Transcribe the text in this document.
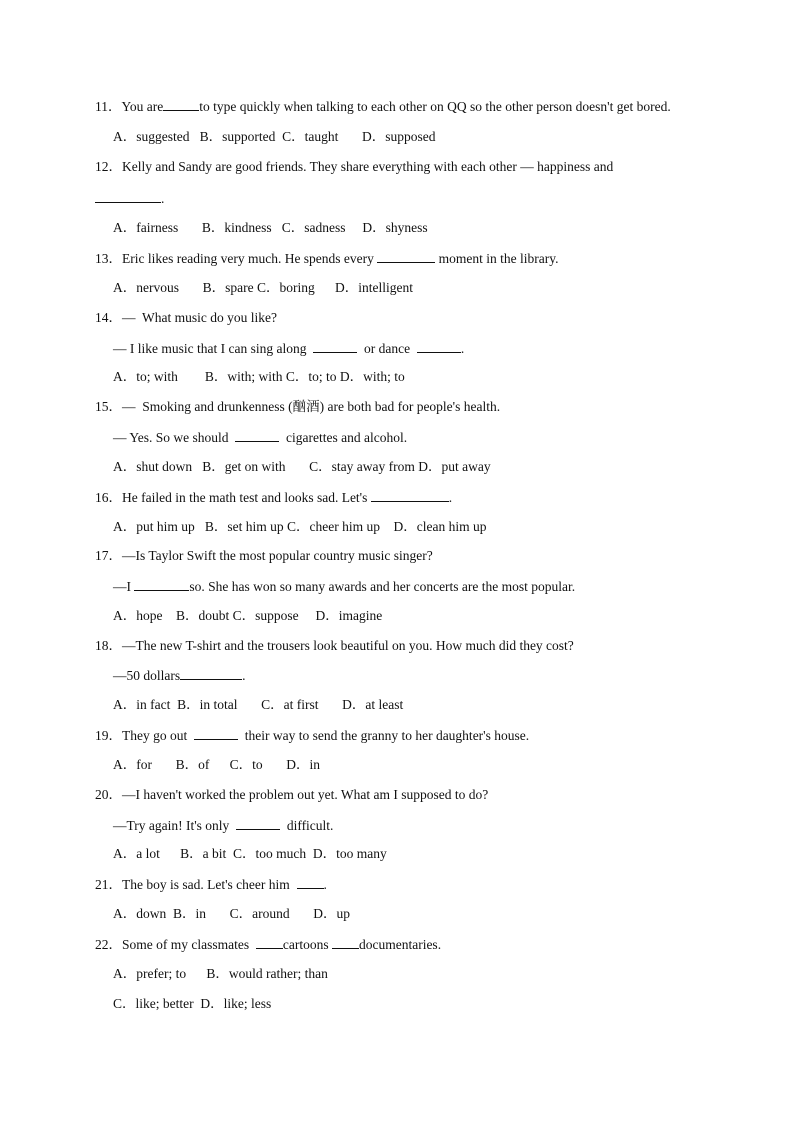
11．You are	to type quickly when talking to each other on QQ so the other person doesn't get bored.
A．suggested   B．supported  C．taught       D．supposed
12．Kelly and Sandy are good friends. They share everything with each other — happiness and
.
A．fairness       B．kindness   C．sadness     D．shyness
13．Eric likes reading very much. He spends every	moment in the library.
A．nervous       B．spare C．boring      D．intelligent
14．—  What music do you like?
— I like music that I can sing along	or dance	.
A．to; with        B．with; with C．to; to D．with; to
15．—  Smoking and drunkenness (酗酒) are both bad for people's health.
— Yes. So we should	cigarettes and alcohol.
A．shut down   B．get on with       C．stay away from D．put away
16．He failed in the math test and looks sad. Let's	.
A．put him up   B．set him up C．cheer him up    D．clean him up
17．—Is Taylor Swift the most popular country music singer?
—I	so. She has won so many awards and her concerts are the most popular.
A．hope    B．doubt C．suppose     D．imagine
18．—The new T-shirt and the trousers look beautiful on you. How much did they cost?
—50 dollars	.
A．in fact  B．in total       C．at first       D．at least
19．They go out	their way to send the granny to her daughter's house.
A．for       B．of      C．to       D．in
20．—I haven't worked the problem out yet. What am I supposed to do?
—Try again! It's only	difficult.
A．a lot      B．a bit  C．too much  D．too many
21．The boy is sad. Let's cheer him	.
A．down  B．in       C．around       D．up
22．Some of my classmates	cartoons documentaries.
A．prefer; to      B．would rather; than
C．like; better  D．like; less
